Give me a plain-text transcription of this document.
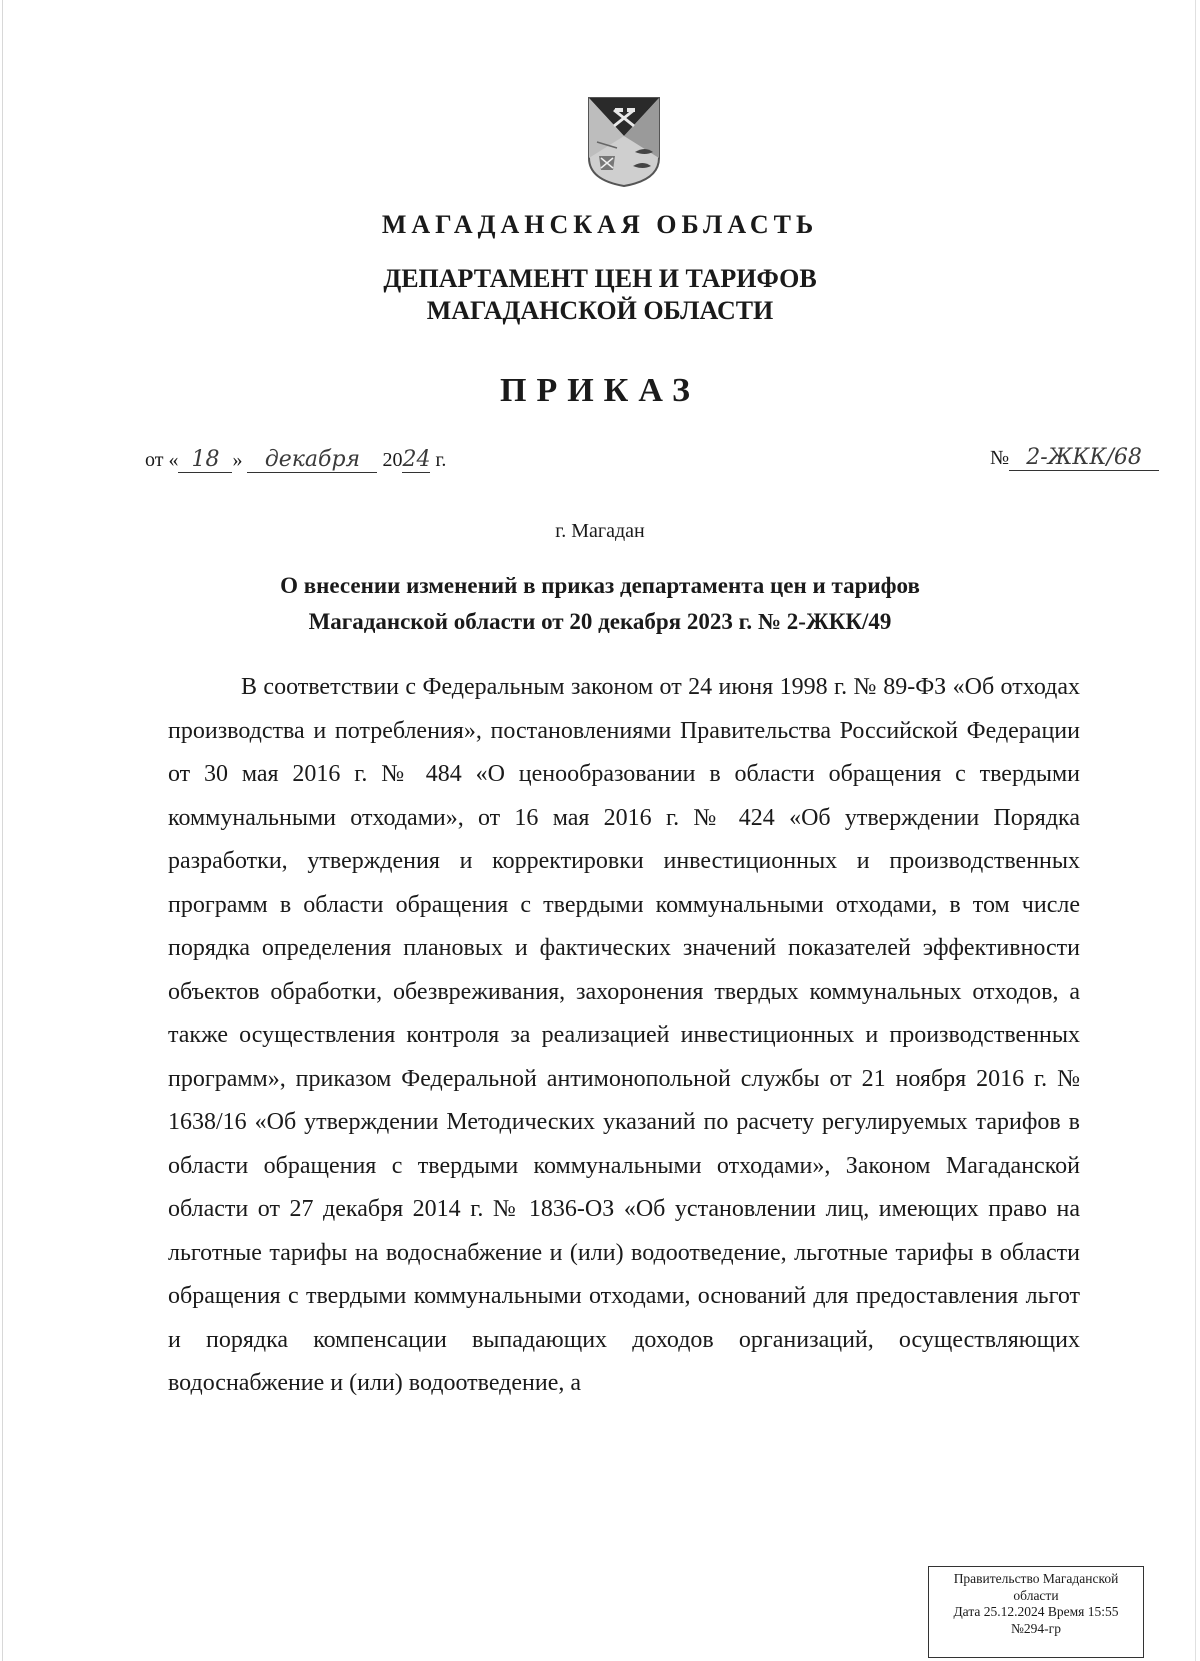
МАГАДАНСКАЯ ОБЛАСТЬ
ДЕПАРТАМЕНТ ЦЕН И ТАРИФОВ
МАГАДАНСКОЙ ОБЛАСТИ
ПРИКАЗ
от « 18 » декабря 2024 г.	№ 2-ЖКК/68
г. Магадан
О внесении изменений в приказ департамента цен и тарифов
Магаданской области от 20 декабря 2023 г. № 2-ЖКК/49

В соответствии с Федеральным законом от 24 июня 1998 г. № 89-ФЗ «Об отходах производства и потребления», постановлениями Правительства Российской Федерации от 30 мая 2016 г. № 484 «О ценообразовании в области обращения с твердыми коммунальными отходами», от 16 мая 2016 г. № 424 «Об утверждении Порядка разработки, утверждения и корректировки инвестиционных и производственных программ в области обращения с твердыми коммунальными отходами, в том числе порядка определения плановых и фактических значений показателей эффективности объектов обработки, обезвреживания, захоронения твердых коммунальных отходов, а также осуществления контроля за реализацией инвестиционных и производственных программ», приказом Федеральной антимонопольной службы от 21 ноября 2016 г. № 1638/16 «Об утверждении Методических указаний по расчету регулируемых тарифов в области обращения с твердыми коммунальными отходами», Законом Магаданской области от 27 декабря 2014 г. № 1836-ОЗ «Об установлении лиц, имеющих право на льготные тарифы на водоснабжение и (или) водоотведение, льготные тарифы в области обращения с твердыми коммунальными отходами, оснований для предоставления льгот и порядка компенсации выпадающих доходов организаций, осуществляющих водоснабжение и (или) водоотведение, а

Правительство Магаданской
области
Дата 25.12.2024 Время 15:55
№294-гр
